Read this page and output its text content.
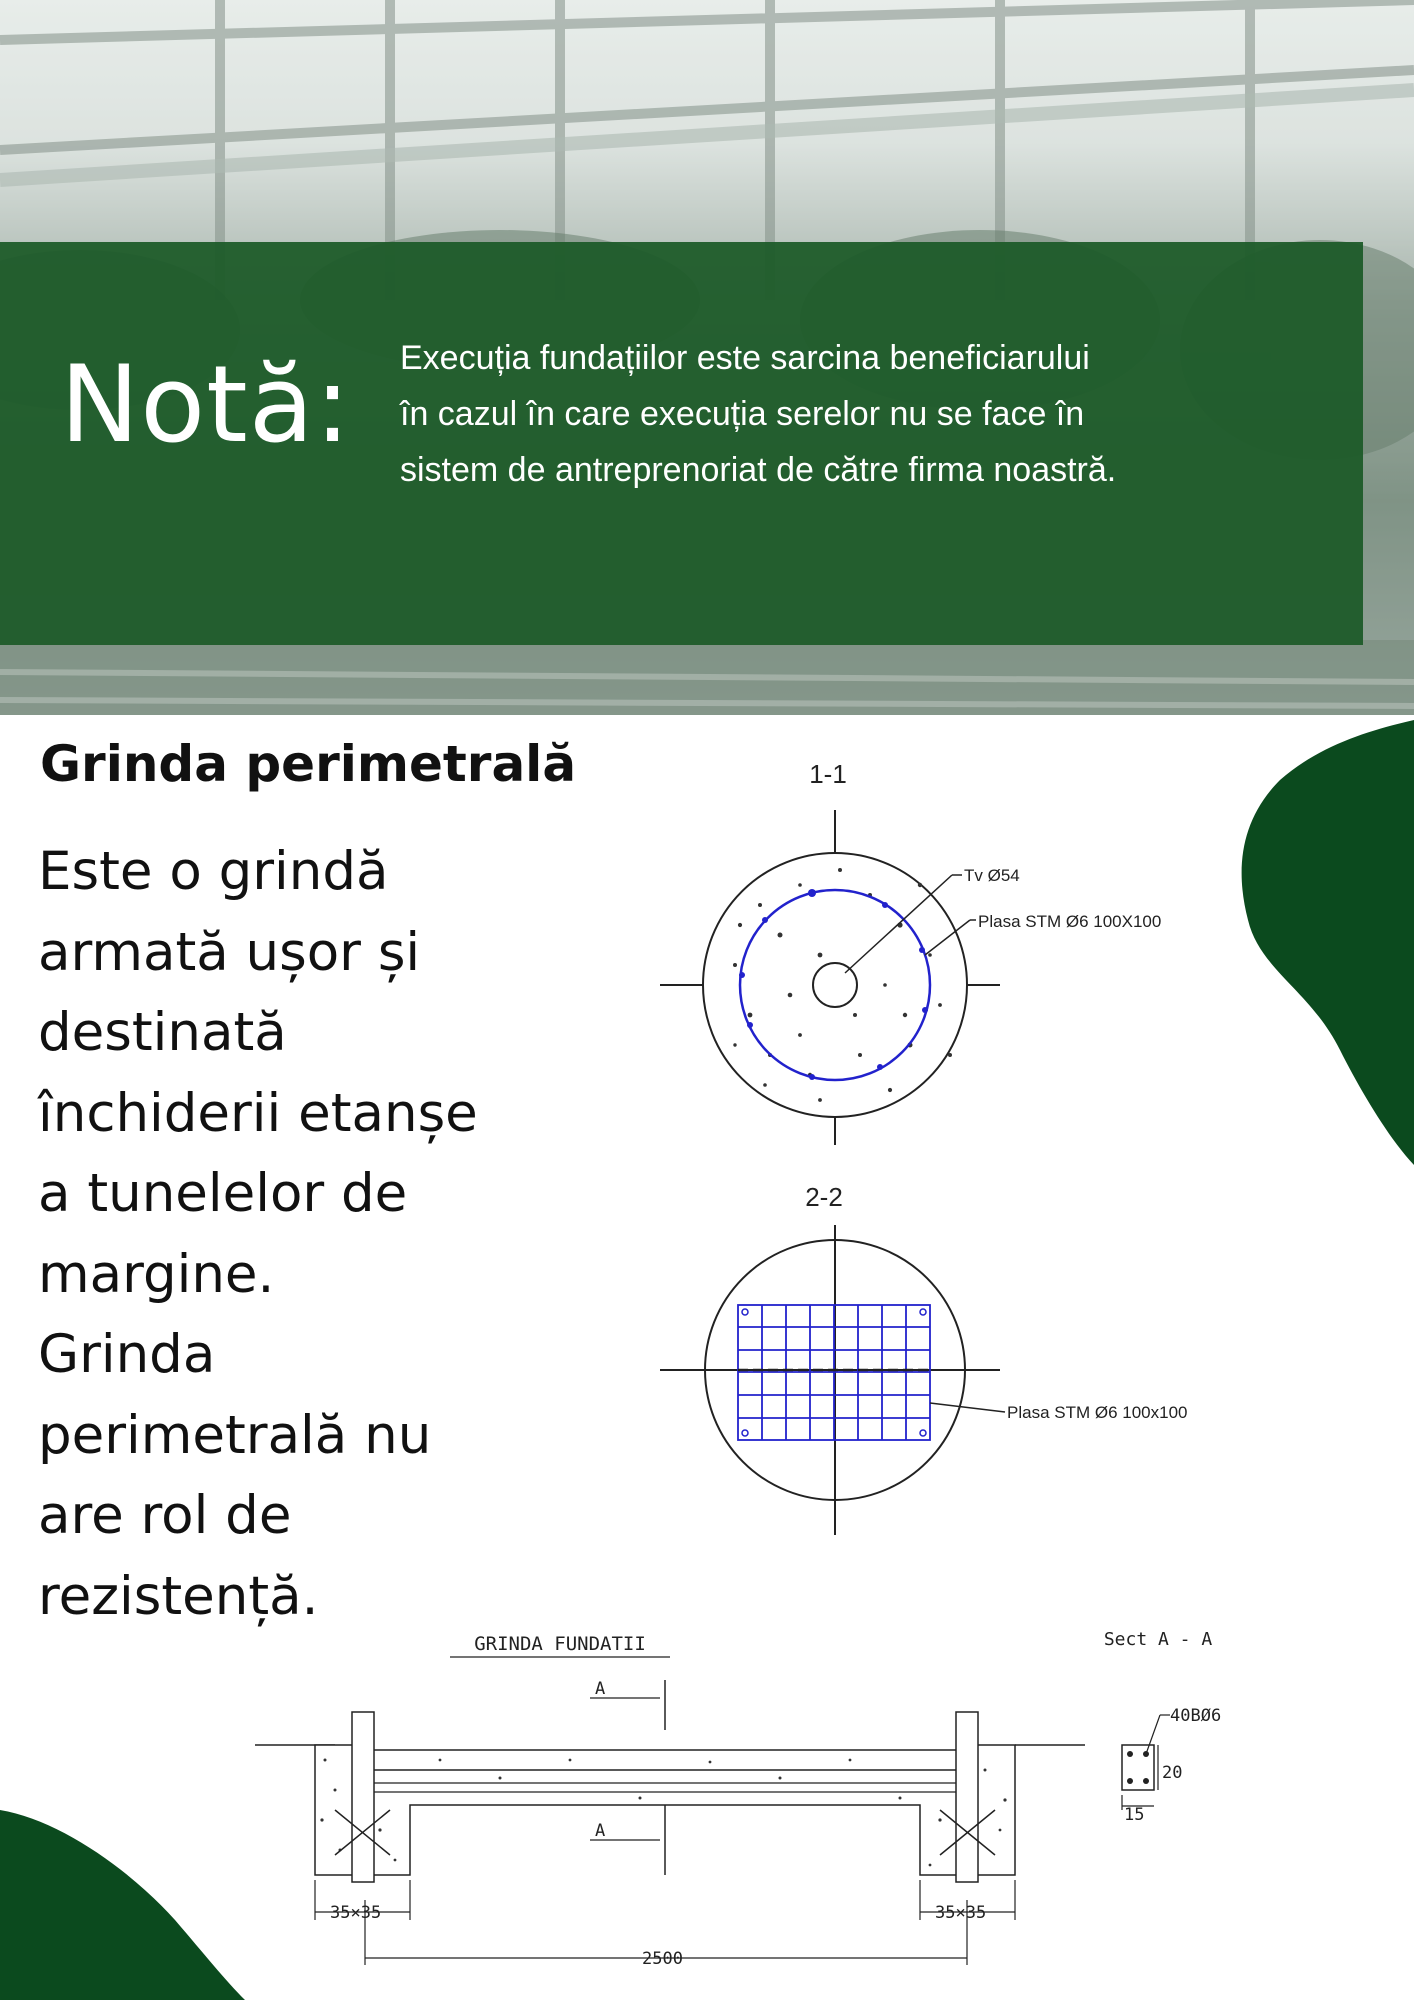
Notă: Execuția fundațiilor este sarcina beneficiarului
în cazul în care execuția serelor nu se face în
sistem de antreprenoriat de către firma noastră.
Grinda perimetrală
Este o grindă
armată ușor și
destinată
închiderii etanșe
a tunelelor de
margine.
Grinda
perimetrală nu
are rol de
rezistență.
1-1
Tv Ø54
Plasa STM Ø6 100X100
2-2
Plasa STM Ø6 100x100
GRINDA FUNDATII	Sect A - A
A
A
35×35	35×35
2500
40BØ6
20
15
